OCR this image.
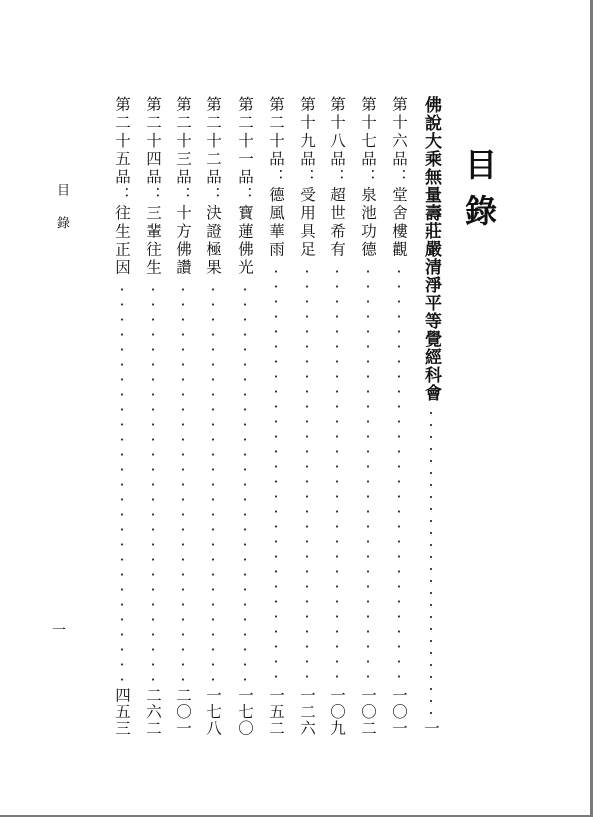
目錄
佛說大乘無量壽莊嚴清淨平等覺經科會
一
第十六品：堂舍樓觀
一〇一
第十七品：泉池功德
一〇二
第十八品：超世希有
一〇九
第十九品：受用具足
一二六
第二十品：德風華雨
一五二
第二十一品：寶蓮佛光
一七〇
第二十二品：決證極果
一七八
第二十三品：十方佛讚
二〇一
第二十四品：三輩往生
二六二
第二十五品：往生正因
四五三
目錄
一
